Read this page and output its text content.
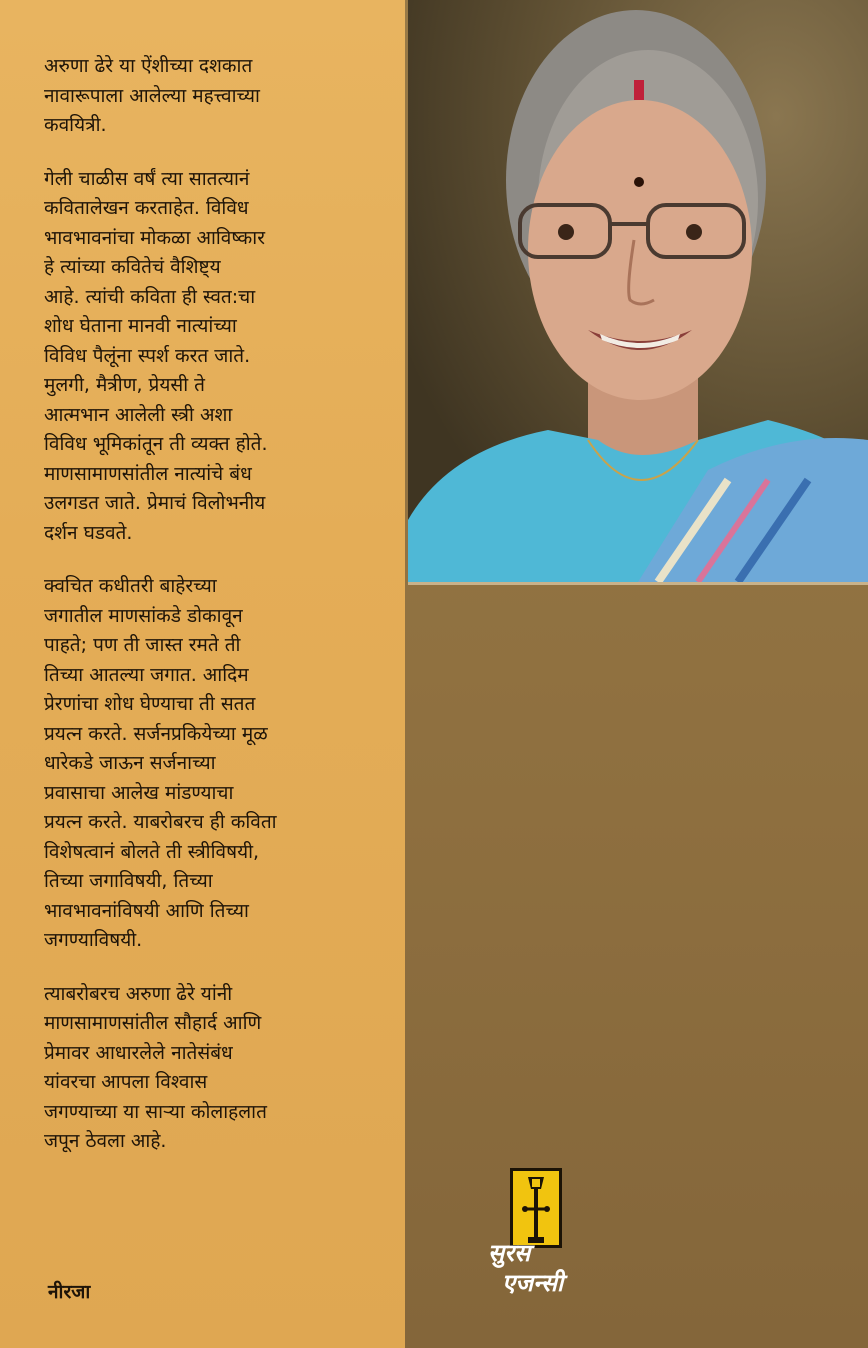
अरुणा ढेरे या ऐंशीच्या दशकात
नावारूपाला आलेल्या महत्त्वाच्या
कवयित्री.

गेली चाळीस वर्षं त्या सातत्यानं
कवितालेखन करताहेत. विविध
भावभावनांचा मोकळा आविष्कार
हे त्यांच्या कवितेचं वैशिष्ट्य
आहे. त्यांची कविता ही स्वत:चा
शोध घेताना मानवी नात्यांच्या
विविध पैलूंना स्पर्श करत जाते.
मुलगी, मैत्रीण, प्रेयसी ते
आत्मभान आलेली स्त्री अशा
विविध भूमिकांतून ती व्यक्त होते.
माणसामाणसांतील नात्यांचे बंध
उलगडत जाते. प्रेमाचं विलोभनीय
दर्शन घडवते.

क्वचित कधीतरी बाहेरच्या
जगातील माणसांकडे डोकावून
पाहते; पण ती जास्त रमते ती
तिच्या आतल्या जगात. आदिम
प्रेरणांचा शोध घेण्याचा ती सतत
प्रयत्न करते. सर्जनप्रकियेच्या मूळ
धारेकडे जाऊन सर्जनाच्या
प्रवासाचा आलेख मांडण्याचा
प्रयत्न करते. याबरोबरच ही कविता
विशेषत्वानं बोलते ती स्त्रीविषयी,
तिच्या जगाविषयी, तिच्या
भावभावनांविषयी आणि तिच्या
जगण्याविषयी.

त्याबरोबरच अरुणा ढेरे यांनी
माणसामाणसांतील सौहार्द आणि
प्रेमावर आधारलेले नातेसंबंध
यांवरचा आपला विश्वास
जगण्याच्या या साऱ्या कोलाहलात
जपून ठेवला आहे.

नीरजा
सुरस
एजन्सी
